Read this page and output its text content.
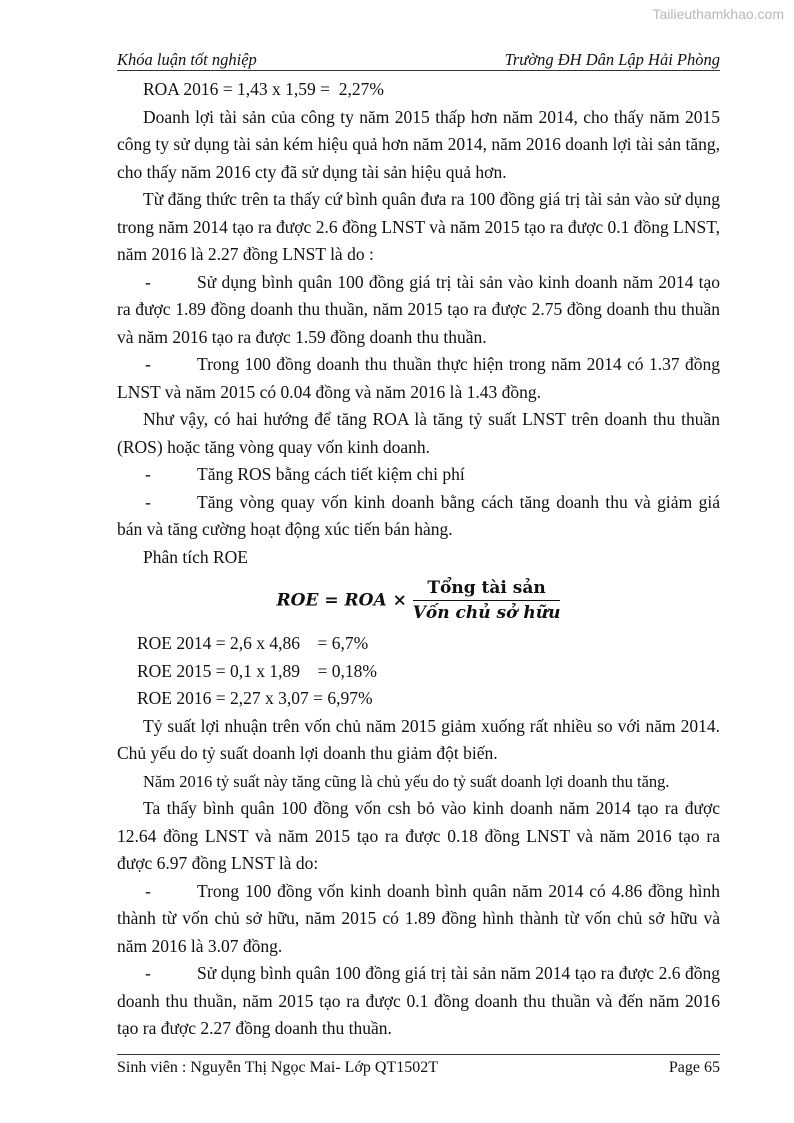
Tailieuthamkhao.com
Khóa luận tốt nghiệp	Trường ĐH Dân Lập Hải Phòng

ROA 2016 = 1,43 x 1,59 =  2,27%

Doanh lợi tài sản của công ty năm 2015 thấp hơn năm 2014, cho thấy năm 2015 công ty sử dụng tài sản kém hiệu quả hơn năm 2014, năm 2016 doanh lợi tài sản tăng, cho thấy năm 2016 cty đã sử dụng tài sản hiệu quả hơn.

Từ đăng thức trên ta thấy cứ bình quân đưa ra 100 đồng giá trị tài sản vào sử dụng trong năm 2014 tạo ra được 2.6 đồng LNST và năm 2015 tạo ra được 0.1 đồng LNST, năm 2016 là 2.27 đồng LNST là do :

-	Sử dụng bình quân 100 đồng giá trị tài sản vào kinh doanh năm 2014 tạo ra được 1.89 đồng doanh thu thuần, năm 2015 tạo ra được 2.75 đồng doanh thu thuần và năm 2016 tạo ra được 1.59 đồng doanh thu thuần.

-	Trong 100 đồng doanh thu thuần thực hiện trong năm 2014 có 1.37 đồng LNST và năm 2015 có 0.04 đồng và năm 2016 là 1.43 đồng.

Như vậy, có hai hướng để tăng ROA là tăng tỷ suất LNST trên doanh thu thuần (ROS) hoặc tăng vòng quay vốn kinh doanh.

-	Tăng ROS bằng cách tiết kiệm chi phí

-	Tăng vòng quay vốn kinh doanh bằng cách tăng doanh thu và giảm giá bán và tăng cường hoạt động xúc tiến bán hàng.

Phân tích ROE

ROE = ROA × $\frac{\text{Tổng tài sản}}{\text{Vốn chủ sở hữu}}$

ROE 2014 = 2,6 x 4,86    = 6,7%

ROE 2015 = 0,1 x 1,89    = 0,18%

ROE 2016 = 2,27 x 3,07 = 6,97%

Tỷ suất lợi nhuận trên vốn chủ năm 2015 giảm xuống rất nhiều so với năm 2014. Chủ yếu do tỷ suất doanh lợi doanh thu giảm đột biến.

Năm 2016 tỷ suất này tăng cũng là chủ yếu do tỷ suất doanh lợi doanh thu tăng.

Ta thấy bình quân 100 đồng vốn csh bỏ vào kinh doanh năm 2014 tạo ra được 12.64 đồng LNST và năm 2015 tạo ra được 0.18 đồng LNST và năm 2016 tạo ra được 6.97 đồng LNST là do:

-	Trong 100 đồng vốn kinh doanh bình quân năm 2014 có 4.86 đồng hình thành từ vốn chủ sở hữu, năm 2015 có 1.89 đồng hình thành từ vốn chủ sở hữu và năm 2016 là 3.07 đồng.

-	Sử dụng bình quân 100 đồng giá trị tài sản năm 2014 tạo ra được 2.6 đồng doanh thu thuần, năm 2015 tạo ra được 0.1 đồng doanh thu thuần và đến năm 2016 tạo ra được 2.27 đồng doanh thu thuần.

Sinh viên : Nguyễn Thị Ngọc Mai- Lớp QT1502T	Page 65
